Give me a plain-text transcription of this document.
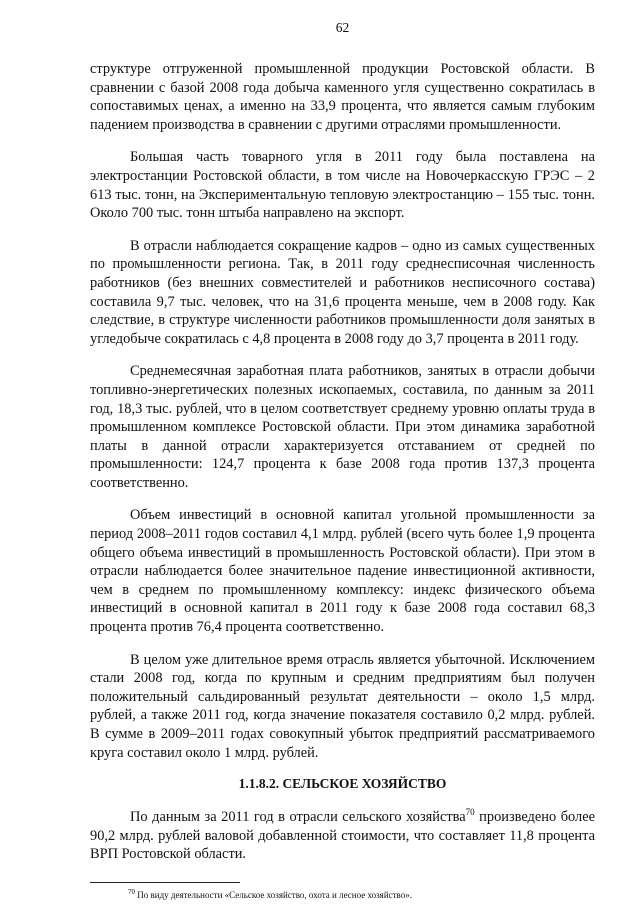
62

структуре отгруженной промышленной продукции Ростовской области. В сравнении с базой 2008 года добыча каменного угля существенно сократилась в сопоставимых ценах, а именно на 33,9 процента, что является самым глубоким падением производства в сравнении с другими отраслями промышленности.

Большая часть товарного угля в 2011 году была поставлена на электростанции Ростовской области, в том числе на Новочеркасскую ГРЭС – 2 613 тыс. тонн, на Экспериментальную тепловую электростанцию – 155 тыс. тонн. Около 700 тыс. тонн штыба направлено на экспорт.

В отрасли наблюдается сокращение кадров – одно из самых существенных по промышленности региона. Так, в 2011 году среднесписочная численность работников (без внешних совместителей и работников несписочного состава) составила 9,7 тыс. человек, что на 31,6 процента меньше, чем в 2008 году. Как следствие, в структуре численности работников промышленности доля занятых в угледобыче сократилась с 4,8 процента в 2008 году до 3,7 процента в 2011 году.

Среднемесячная заработная плата работников, занятых в отрасли добычи топливно-энергетических полезных ископаемых, составила, по данным за 2011 год, 18,3 тыс. рублей, что в целом соответствует среднему уровню оплаты труда в промышленном комплексе Ростовской области. При этом динамика заработной платы в данной отрасли характеризуется отставанием от средней по промышленности: 124,7 процента к базе 2008 года против 137,3 процента соответственно.

Объем инвестиций в основной капитал угольной промышленности за период 2008–2011 годов составил 4,1 млрд. рублей (всего чуть более 1,9 процента общего объема инвестиций в промышленность Ростовской области). При этом в отрасли наблюдается более значительное падение инвестиционной активности, чем в среднем по промышленному комплексу: индекс физического объема инвестиций в основной капитал в 2011 году к базе 2008 года составил 68,3 процента против 76,4 процента соответственно.

В целом уже длительное время отрасль является убыточной. Исключением стали 2008 год, когда по крупным и средним предприятиям был получен положительный сальдированный результат деятельности – около 1,5 млрд. рублей, а также 2011 год, когда значение показателя составило 0,2 млрд. рублей. В сумме в 2009–2011 годах совокупный убыток предприятий рассматриваемого круга составил около 1 млрд. рублей.

1.1.8.2. СЕЛЬСКОЕ ХОЗЯЙСТВО

По данным за 2011 год в отрасли сельского хозяйства$^{70}$ произведено более 90,2 млрд. рублей валовой добавленной стоимости, что составляет 11,8 процента ВРП Ростовской области.

$^{70}$ По виду деятельности «Сельское хозяйство, охота и лесное хозяйство».
